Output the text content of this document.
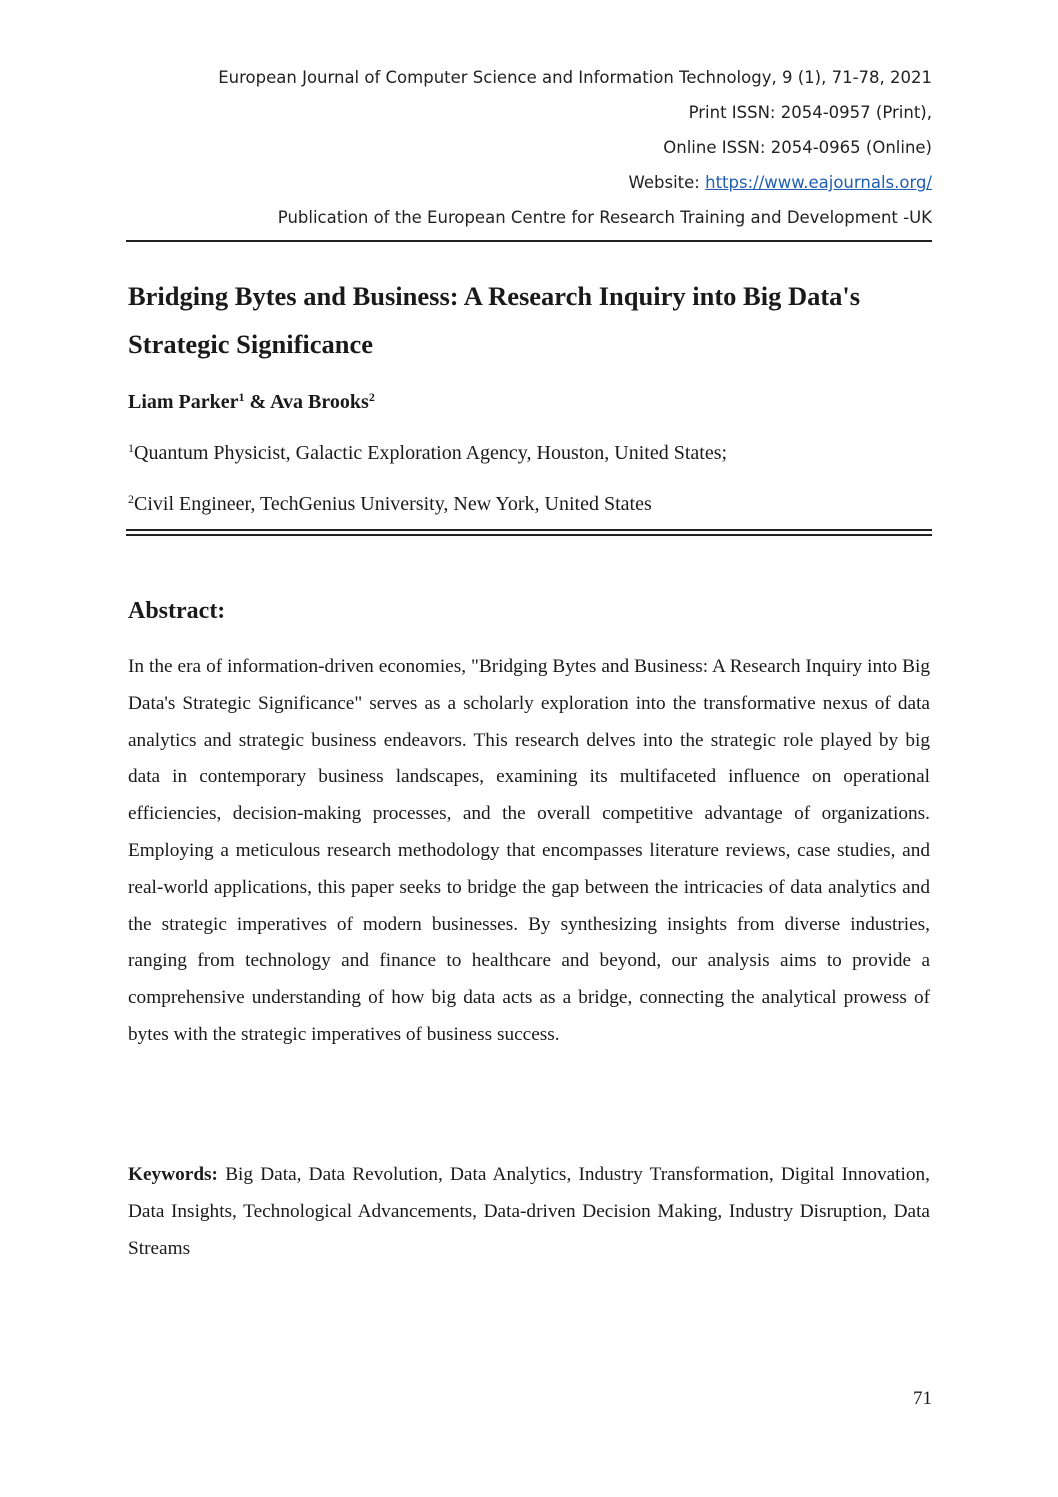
European Journal of Computer Science and Information Technology, 9 (1), 71-78, 2021
Print ISSN: 2054-0957 (Print),
Online ISSN: 2054-0965 (Online)
Website: https://www.eajournals.org/
Publication of the European Centre for Research Training and Development -UK
Bridging Bytes and Business: A Research Inquiry into Big Data's Strategic Significance

Liam Parker$^1$ & Ava Brooks$^2$

$^1$Quantum Physicist, Galactic Exploration Agency, Houston, United States;

$^2$Civil Engineer, TechGenius University, New York, United States

Abstract:

In the era of information-driven economies, "Bridging Bytes and Business: A Research Inquiry into Big Data's Strategic Significance" serves as a scholarly exploration into the transformative nexus of data analytics and strategic business endeavors. This research delves into the strategic role played by big data in contemporary business landscapes, examining its multifaceted influence on operational efficiencies, decision-making processes, and the overall competitive advantage of organizations. Employing a meticulous research methodology that encompasses literature reviews, case studies, and real-world applications, this paper seeks to bridge the gap between the intricacies of data analytics and the strategic imperatives of modern businesses. By synthesizing insights from diverse industries, ranging from technology and finance to healthcare and beyond, our analysis aims to provide a comprehensive understanding of how big data acts as a bridge, connecting the analytical prowess of bytes with the strategic imperatives of business success.

Keywords: Big Data, Data Revolution, Data Analytics, Industry Transformation, Digital Innovation, Data Insights, Technological Advancements, Data-driven Decision Making, Industry Disruption, Data Streams

71
